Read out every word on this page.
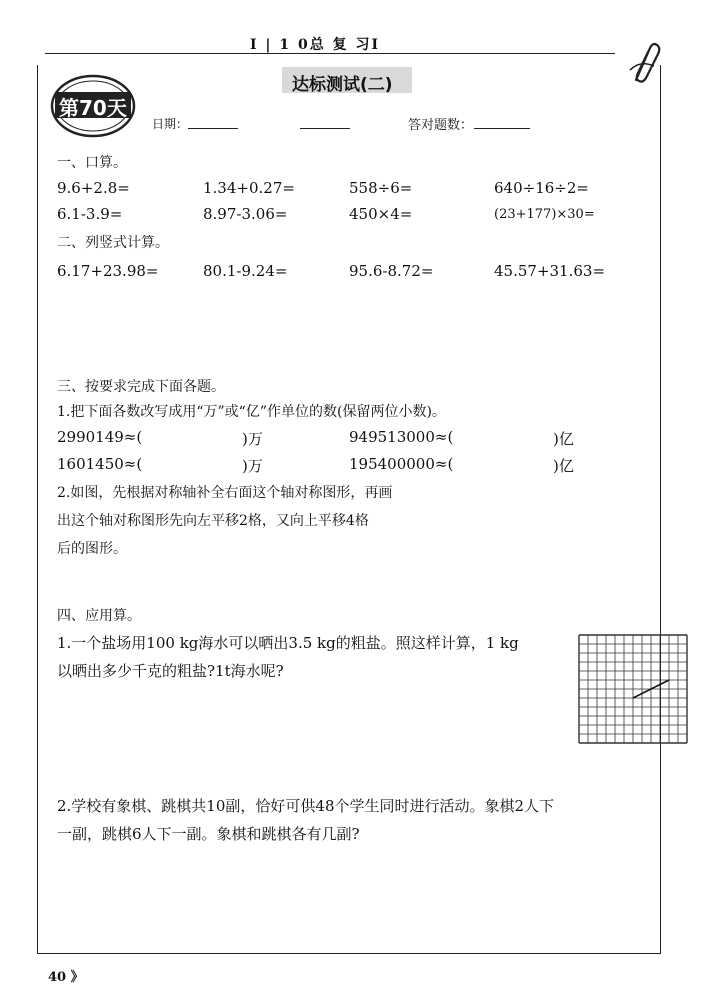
I | 1 0总 复 习I
第70天
达标测试(二)
日期：	答对题数：
一、口算。
9.6+2.8=	1.34+0.27=	558÷6=	640÷16÷2=
6.1-3.9=	8.97-3.06=	450×4=	(23+177)×30=
二、列竖式计算。
6.17+23.98=	80.1-9.24=	95.6-8.72=	45.57+31.63=
三、按要求完成下面各题。
1.把下面各数改写成用“万”或“亿”作单位的数(保留两位小数)。
2990149≈(	)万	949513000≈(	)亿
1601450≈(	)万	195400000≈(	)亿
2.如图，先根据对称轴补全右面这个轴对称图形，再画
出这个轴对称图形先向左平移2格，又向上平移4格
后的图形。
四、应用算。
1.一个盐场用100 kg海水可以晒出3.5 kg的粗盐。照这样计算，1 kg
以晒出多少千克的粗盐?1t海水呢?
2.学校有象棋、跳棋共10副，恰好可供48个学生同时进行活动。象棋2人下
一副，跳棋6人下一副。象棋和跳棋各有几副?
40 》
